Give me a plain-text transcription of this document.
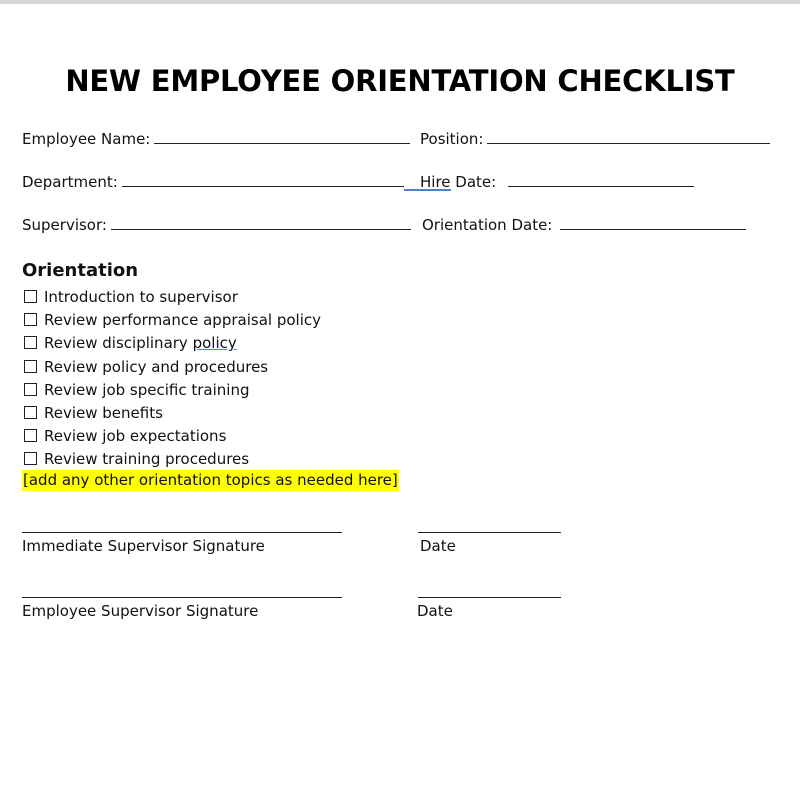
NEW EMPLOYEE ORIENTATION CHECKLIST
Employee Name:	Position:
Department:	Hire Date:
Supervisor:	Orientation Date:
Orientation
Introduction to supervisor
Review performance appraisal policy
Review disciplinary policy
Review policy and procedures
Review job specific training
Review benefits
Review job expectations
Review training procedures
[add any other orientation topics as needed here]
Immediate Supervisor Signature	Date
Employee Supervisor Signature	Date
